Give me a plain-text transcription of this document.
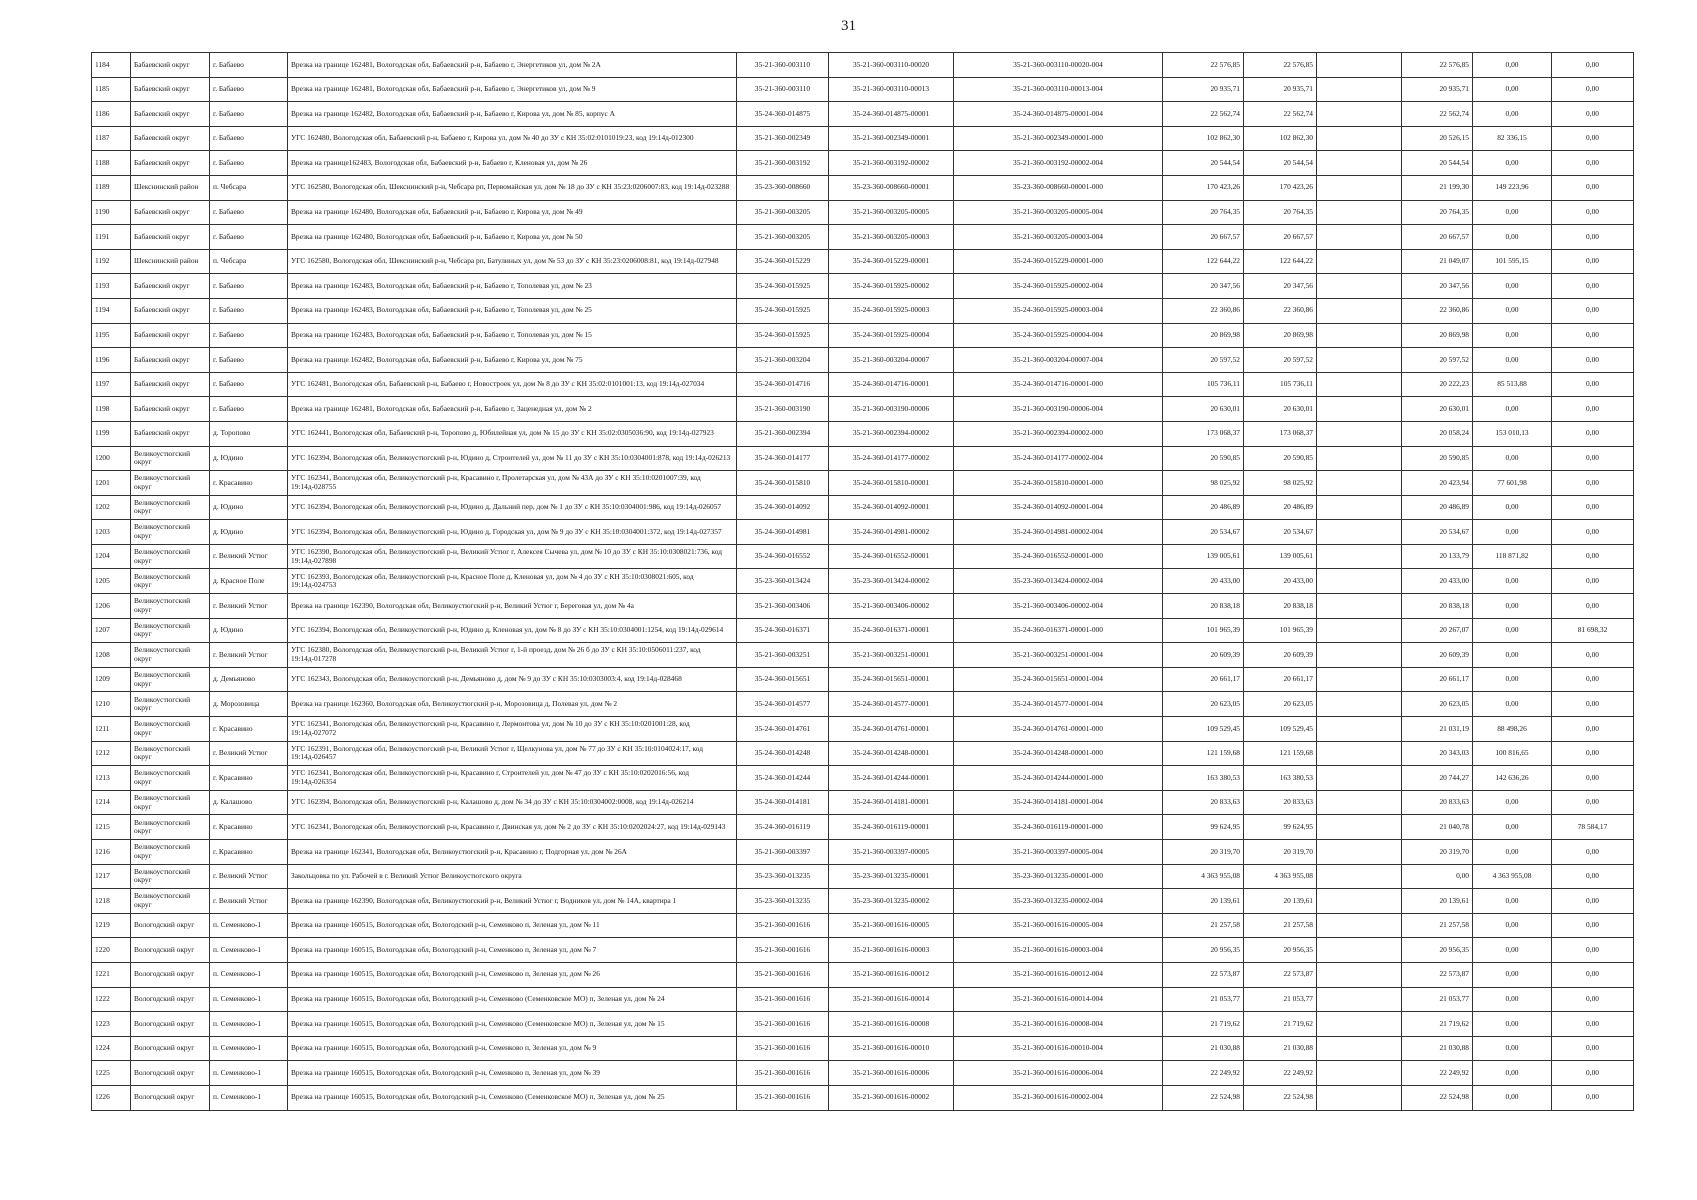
31
1184	Бабаевский округ	г. Бабаево	Врезка на границе 162481, Вологодская обл, Бабаевский р-н, Бабаево г, Энергетиков ул, дом № 2А	35-21-360-003110	35-21-360-003110-00020	35-21-360-003110-00020-004	22 576,85	22 576,85		22 576,85	0,00	0,00
1185	Бабаевский округ	г. Бабаево	Врезка на границе 162481, Вологодская обл, Бабаевский р-н, Бабаево г, Энергетиков ул, дом № 9	35-21-360-003110	35-21-360-003110-00013	35-21-360-003110-00013-004	20 935,71	20 935,71		20 935,71	0,00	0,00
1186	Бабаевский округ	г. Бабаево	Врезка на границе 162482, Вологодская обл, Бабаевский р-н, Бабаево г, Кирова ул, дом № 85, корпус А	35-24-360-014875	35-24-360-014875-00001	35-24-360-014875-00001-004	22 562,74	22 562,74		22 562,74	0,00	0,00
1187	Бабаевский округ	г. Бабаево	УГС 162480, Вологодская обл, Бабаевский р-н, Бабаево г, Кирова ул, дом № 40 до ЗУ с КН 35:02:0101019:23, код 19:14д-012300	35-21-360-002349	35-21-360-002349-00001	35-21-360-002349-00001-000	102 862,30	102 862,30		20 526,15	82 336,15	0,00
1188	Бабаевский округ	г. Бабаево	Врезка на границе162483, Вологодская обл, Бабаевский р-н, Бабаево г, Кленовая ул, дом № 26	35-21-360-003192	35-21-360-003192-00002	35-21-360-003192-00002-004	20 544,54	20 544,54		20 544,54	0,00	0,00
1189	Шекснинский район	п. Чебсара	УГС 162580, Вологодская обл, Шекснинский р-н, Чебсара рп, Первомайская ул, дом № 18 до ЗУ с КН 35:23:0206007:83, код 19:14д-023288	35-23-360-008660	35-23-360-008660-00001	35-23-360-008660-00001-000	170 423,26	170 423,26		21 199,30	149 223,96	0,00
1190	Бабаевский округ	г. Бабаево	Врезка на границе 162480, Вологодская обл, Бабаевский р-н, Бабаево г, Кирова ул, дом № 49	35-21-360-003205	35-21-360-003205-00005	35-21-360-003205-00005-004	20 764,35	20 764,35		20 764,35	0,00	0,00
1191	Бабаевский округ	г. Бабаево	Врезка на границе 162480, Вологодская обл, Бабаевский р-н, Бабаево г, Кирова ул, дом № 50	35-21-360-003205	35-21-360-003205-00003	35-21-360-003205-00003-004	20 667,57	20 667,57		20 667,57	0,00	0,00
1192	Шекснинский район	п. Чебсара	УГС 162580, Вологодская обл, Шекснинский р-н, Чебсара рп, Батулиных ул, дом № 53 до ЗУ с КН 35:23:0206008:81, код 19:14д-027948	35-24-360-015229	35-24-360-015229-00001	35-24-360-015229-00001-000	122 644,22	122 644,22		21 049,07	101 595,15	0,00
1193	Бабаевский округ	г. Бабаево	Врезка на границе 162483, Вологодская обл, Бабаевский р-н, Бабаево г, Тополевая ул, дом № 23	35-24-360-015925	35-24-360-015925-00002	35-24-360-015925-00002-004	20 347,56	20 347,56		20 347,56	0,00	0,00
1194	Бабаевский округ	г. Бабаево	Врезка на границе 162483, Вологодская обл, Бабаевский р-н, Бабаево г, Тополевая ул, дом № 25	35-24-360-015925	35-24-360-015925-00003	35-24-360-015925-00003-004	22 360,86	22 360,86		22 360,86	0,00	0,00
1195	Бабаевский округ	г. Бабаево	Врезка на границе 162483, Вологодская обл, Бабаевский р-н, Бабаево г, Тополевая ул, дом № 15	35-24-360-015925	35-24-360-015925-00004	35-24-360-015925-00004-004	20 869,98	20 869,98		20 869,98	0,00	0,00
1196	Бабаевский округ	г. Бабаево	Врезка на границе 162482, Вологодская обл, Бабаевский р-н, Бабаево г, Кирова ул, дом № 75	35-21-360-003204	35-21-360-003204-00007	35-21-360-003204-00007-004	20 597,52	20 597,52		20 597,52	0,00	0,00
1197	Бабаевский округ	г. Бабаево	УГС 162481, Вологодская обл, Бабаевский р-н, Бабаево г, Новостроек ул, дом № 8 до ЗУ с КН 35:02:0101001:13, код 19:14д-027034	35-24-360-014716	35-24-360-014716-00001	35-24-360-014716-00001-000	105 736,11	105 736,11		20 222,23	85 513,88	0,00
1198	Бабаевский округ	г. Бабаево	Врезка на границе 162481, Вологодская обл, Бабаевский р-н, Бабаево г, Заценедная ул, дом № 2	35-21-360-003190	35-21-360-003190-00006	35-21-360-003190-00006-004	20 630,01	20 630,01		20 630,01	0,00	0,00
1199	Бабаевский округ	д. Торопово	УГС 162441, Вологодская обл, Бабаевский р-н, Торопово д, Юбилейная ул, дом № 15 до ЗУ с КН 35:02:0305036:90, код 19:14д-027923	35-21-360-002394	35-21-360-002394-00002	35-21-360-002394-00002-000	173 068,37	173 068,37		20 058,24	153 010,13	0,00
1200	Великоустюгский округ	д. Юдино	УГС 162394, Вологодская обл, Великоустюгский р-н, Юдино д, Строителей ул, дом № 11 до ЗУ с КН 35:10:0304001:878, код 19:14д-026213	35-24-360-014177	35-24-360-014177-00002	35-24-360-014177-00002-004	20 590,85	20 590,85		20 590,85	0,00	0,00
1201	Великоустюгский округ	г. Красавино	УГС 162341, Вологодская обл, Великоустюгский р-н, Красавино г, Пролетарская ул, дом № 43А до ЗУ с КН 35:10:0201007:39, код 19:14д-028755	35-24-360-015810	35-24-360-015810-00001	35-24-360-015810-00001-000	98 025,92	98 025,92		20 423,94	77 601,98	0,00
1202	Великоустюгский округ	д. Юдино	УГС 162394, Вологодская обл, Великоустюгский р-н, Юдино д, Дальний пер, дом № 1 до ЗУ с КН 35:10:0304001:986, код 19:14д-026057	35-24-360-014092	35-24-360-014092-00001	35-24-360-014092-00001-004	20 486,89	20 486,89		20 486,89	0,00	0,00
1203	Великоустюгский округ	д. Юдино	УГС 162394, Вологодская обл, Великоустюгский р-н, Юдино д, Городская ул, дом № 9 до ЗУ с КН 35:10:0304001:372, код 19:14д-027357	35-24-360-014981	35-24-360-014981-00002	35-24-360-014981-00002-004	20 534,67	20 534,67		20 534,67	0,00	0,00
1204	Великоустюгский округ	г. Великий Устюг	УГС 162390, Вологодская обл, Великоустюгский р-н, Великий Устюг г, Алексея Сычева ул, дом № 10 до ЗУ с КН 35:10:0308021:736, код 19:14д-027898	35-24-360-016552	35-24-360-016552-00001	35-24-360-016552-00001-000	139 005,61	139 005,61		20 133,79	118 871,82	0,00
1205	Великоустюгский округ	д. Красное Поле	УГС 162393, Вологодская обл, Великоустюгский р-н, Красное Поле д, Кленовая ул, дом № 4 до ЗУ с КН 35:10:0308021:605, код 19:14д-024753	35-23-360-013424	35-23-360-013424-00002	35-23-360-013424-00002-004	20 433,00	20 433,00		20 433,00	0,00	0,00
1206	Великоустюгский округ	г. Великий Устюг	Врезка на границе 162390, Вологодская обл, Великоустюгский р-н, Великий Устюг г, Береговая ул, дом № 4а	35-21-360-003406	35-21-360-003406-00002	35-21-360-003406-00002-004	20 838,18	20 838,18		20 838,18	0,00	0,00
1207	Великоустюгский округ	д. Юдино	УГС 162394, Вологодская обл, Великоустюгский р-н, Юдино д, Кленовая ул, дом № 8 до ЗУ с КН 35:10:0304001:1254, код 19:14д-029614	35-24-360-016371	35-24-360-016371-00001	35-24-360-016371-00001-000	101 965,39	101 965,39		20 267,07	0,00	81 698,32
1208	Великоустюгский округ	г. Великий Устюг	УГС 162380, Вологодская обл, Великоустюгский р-н, Великий Устюг г, 1-й проезд, дом № 26 б до ЗУ с КН 35:10:0506011:237, код 19:14д-017278	35-21-360-003251	35-21-360-003251-00001	35-21-360-003251-00001-004	20 609,39	20 609,39		20 609,39	0,00	0,00
1209	Великоустюгский округ	д. Демьяново	УГС 162343, Вологодская обл, Великоустюгский р-н, Демьяново д, дом № 9 до ЗУ с КН 35:10:0303003:4, код 19:14д-028468	35-24-360-015651	35-24-360-015651-00001	35-24-360-015651-00001-004	20 661,17	20 661,17		20 661,17	0,00	0,00
1210	Великоустюгский округ	д. Морозовица	Врезка на границе 162360, Вологодская обл, Великоустюгский р-н, Морозовица д, Полевая ул, дом № 2	35-24-360-014577	35-24-360-014577-00001	35-24-360-014577-00001-004	20 623,05	20 623,05		20 623,05	0,00	0,00
1211	Великоустюгский округ	г. Красавино	УГС 162341, Вологодская обл, Великоустюгский р-н, Красавино г, Лермонтова ул, дом № 10 до ЗУ с КН 35:10:0201001:28, код 19:14д-027072	35-24-360-014761	35-24-360-014761-00001	35-24-360-014761-00001-000	109 529,45	109 529,45		21 031,19	88 498,26	0,00
1212	Великоустюгский округ	г. Великий Устюг	УГС 162391, Вологодская обл, Великоустюгский р-н, Великий Устюг г, Щелкунова ул, дом № 77 до ЗУ с КН 35:10:0104024:17, код 19:14д-026457	35-24-360-014248	35-24-360-014248-00001	35-24-360-014248-00001-000	121 159,68	121 159,68		20 343,03	100 816,65	0,00
1213	Великоустюгский округ	г. Красавино	УГС 162341, Вологодская обл, Великоустюгский р-н, Красавино г, Строителей ул, дом № 47 до ЗУ с КН 35:10:0202016:56, код 19:14д-026354	35-24-360-014244	35-24-360-014244-00001	35-24-360-014244-00001-000	163 380,53	163 380,53		20 744,27	142 636,26	0,00
1214	Великоустюгский округ	д. Калашово	УГС 162394, Вологодская обл, Великоустюгский р-н, Калашово д, дом № 34 до ЗУ с КН 35:10:0304002:0008, код 19:14д-026214	35-24-360-014181	35-24-360-014181-00001	35-24-360-014181-00001-004	20 833,63	20 833,63		20 833,63	0,00	0,00
1215	Великоустюгский округ	г. Красавино	УГС 162341, Вологодская обл, Великоустюгский р-н, Красавино г, Двинская ул, дом № 2 до ЗУ с КН 35:10:0202024:27, код 19:14д-029143	35-24-360-016119	35-24-360-016119-00001	35-24-360-016119-00001-000	99 624,95	99 624,95		21 040,78	0,00	78 584,17
1216	Великоустюгский округ	г. Красавино	Врезка на границе 162341, Вологодская обл, Великоустюгский р-н, Красавино г, Подгорная ул, дом № 26А	35-21-360-003397	35-21-360-003397-00005	35-21-360-003397-00005-004	20 319,70	20 319,70		20 319,70	0,00	0,00
1217	Великоустюгский округ	г. Великий Устюг	Закольцовка по ул. Рабочей в г. Великий Устюг Великоустюгского округа	35-23-360-013235	35-23-360-013235-00001	35-23-360-013235-00001-000	4 363 955,08	4 363 955,08		0,00	4 363 955,08	0,00
1218	Великоустюгский округ	г. Великий Устюг	Врезка на границе 162390, Вологодская обл, Великоустюгский р-н, Великий Устюг г, Водников ул, дом № 14А, квартира 1	35-23-360-013235	35-23-360-013235-00002	35-23-360-013235-00002-004	20 139,61	20 139,61		20 139,61	0,00	0,00
1219	Вологодский округ	п. Семенково-1	Врезка на границе 160515, Вологодская обл, Вологодский р-н, Семенково п, Зеленая ул, дом № 11	35-21-360-001616	35-21-360-001616-00005	35-21-360-001616-00005-004	21 257,58	21 257,58		21 257,58	0,00	0,00
1220	Вологодский округ	п. Семенково-1	Врезка на границе 160515, Вологодская обл, Вологодский р-н, Семенково п, Зеленая ул, дом № 7	35-21-360-001616	35-21-360-001616-00003	35-21-360-001616-00003-004	20 956,35	20 956,35		20 956,35	0,00	0,00
1221	Вологодский округ	п. Семенково-1	Врезка на границе 160515, Вологодская обл, Вологодский р-н, Семенково п, Зеленая ул, дом № 26	35-21-360-001616	35-21-360-001616-00012	35-21-360-001616-00012-004	22 573,87	22 573,87		22 573,87	0,00	0,00
1222	Вологодский округ	п. Семенково-1	Врезка на границе 160515, Вологодская обл, Вологодский р-н, Семенково (Семенковское МО) п, Зеленая ул, дом № 24	35-21-360-001616	35-21-360-001616-00014	35-21-360-001616-00014-004	21 053,77	21 053,77		21 053,77	0,00	0,00
1223	Вологодский округ	п. Семенково-1	Врезка на границе 160515, Вологодская обл, Вологодский р-н, Семенково (Семенковское МО) п, Зеленая ул, дом № 15	35-21-360-001616	35-21-360-001616-00008	35-21-360-001616-00008-004	21 719,62	21 719,62		21 719,62	0,00	0,00
1224	Вологодский округ	п. Семенково-1	Врезка на границе 160515, Вологодская обл, Вологодский р-н, Семенково п, Зеленая ул, дом № 9	35-21-360-001616	35-21-360-001616-00010	35-21-360-001616-00010-004	21 030,88	21 030,88		21 030,88	0,00	0,00
1225	Вологодский округ	п. Семенково-1	Врезка на границе 160515, Вологодская обл, Вологодский р-н, Семенково п, Зеленая ул, дом № 39	35-21-360-001616	35-21-360-001616-00006	35-21-360-001616-00006-004	22 249,92	22 249,92		22 249,92	0,00	0,00
1226	Вологодский округ	п. Семенково-1	Врезка на границе 160515, Вологодская обл, Вологодский р-н, Семенково (Семенковское МО) п, Зеленая ул, дом № 25	35-21-360-001616	35-21-360-001616-00002	35-21-360-001616-00002-004	22 524,98	22 524,98		22 524,98	0,00	0,00
